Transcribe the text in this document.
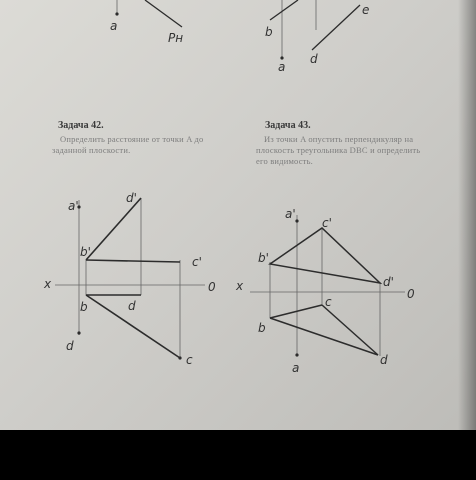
a
Pн	b
e
a
d
a'
d'
b'
c'
x	0
b	d
d
c
a'
c'
b'
d'
x
0
c
b
a
d
Задача 42.
Определить расстояние от точки A до заданной плоскости.
Задача 43.
Из точки A опустить перпендикуляр на плоскость треугольника DBC и определить его видимость.
